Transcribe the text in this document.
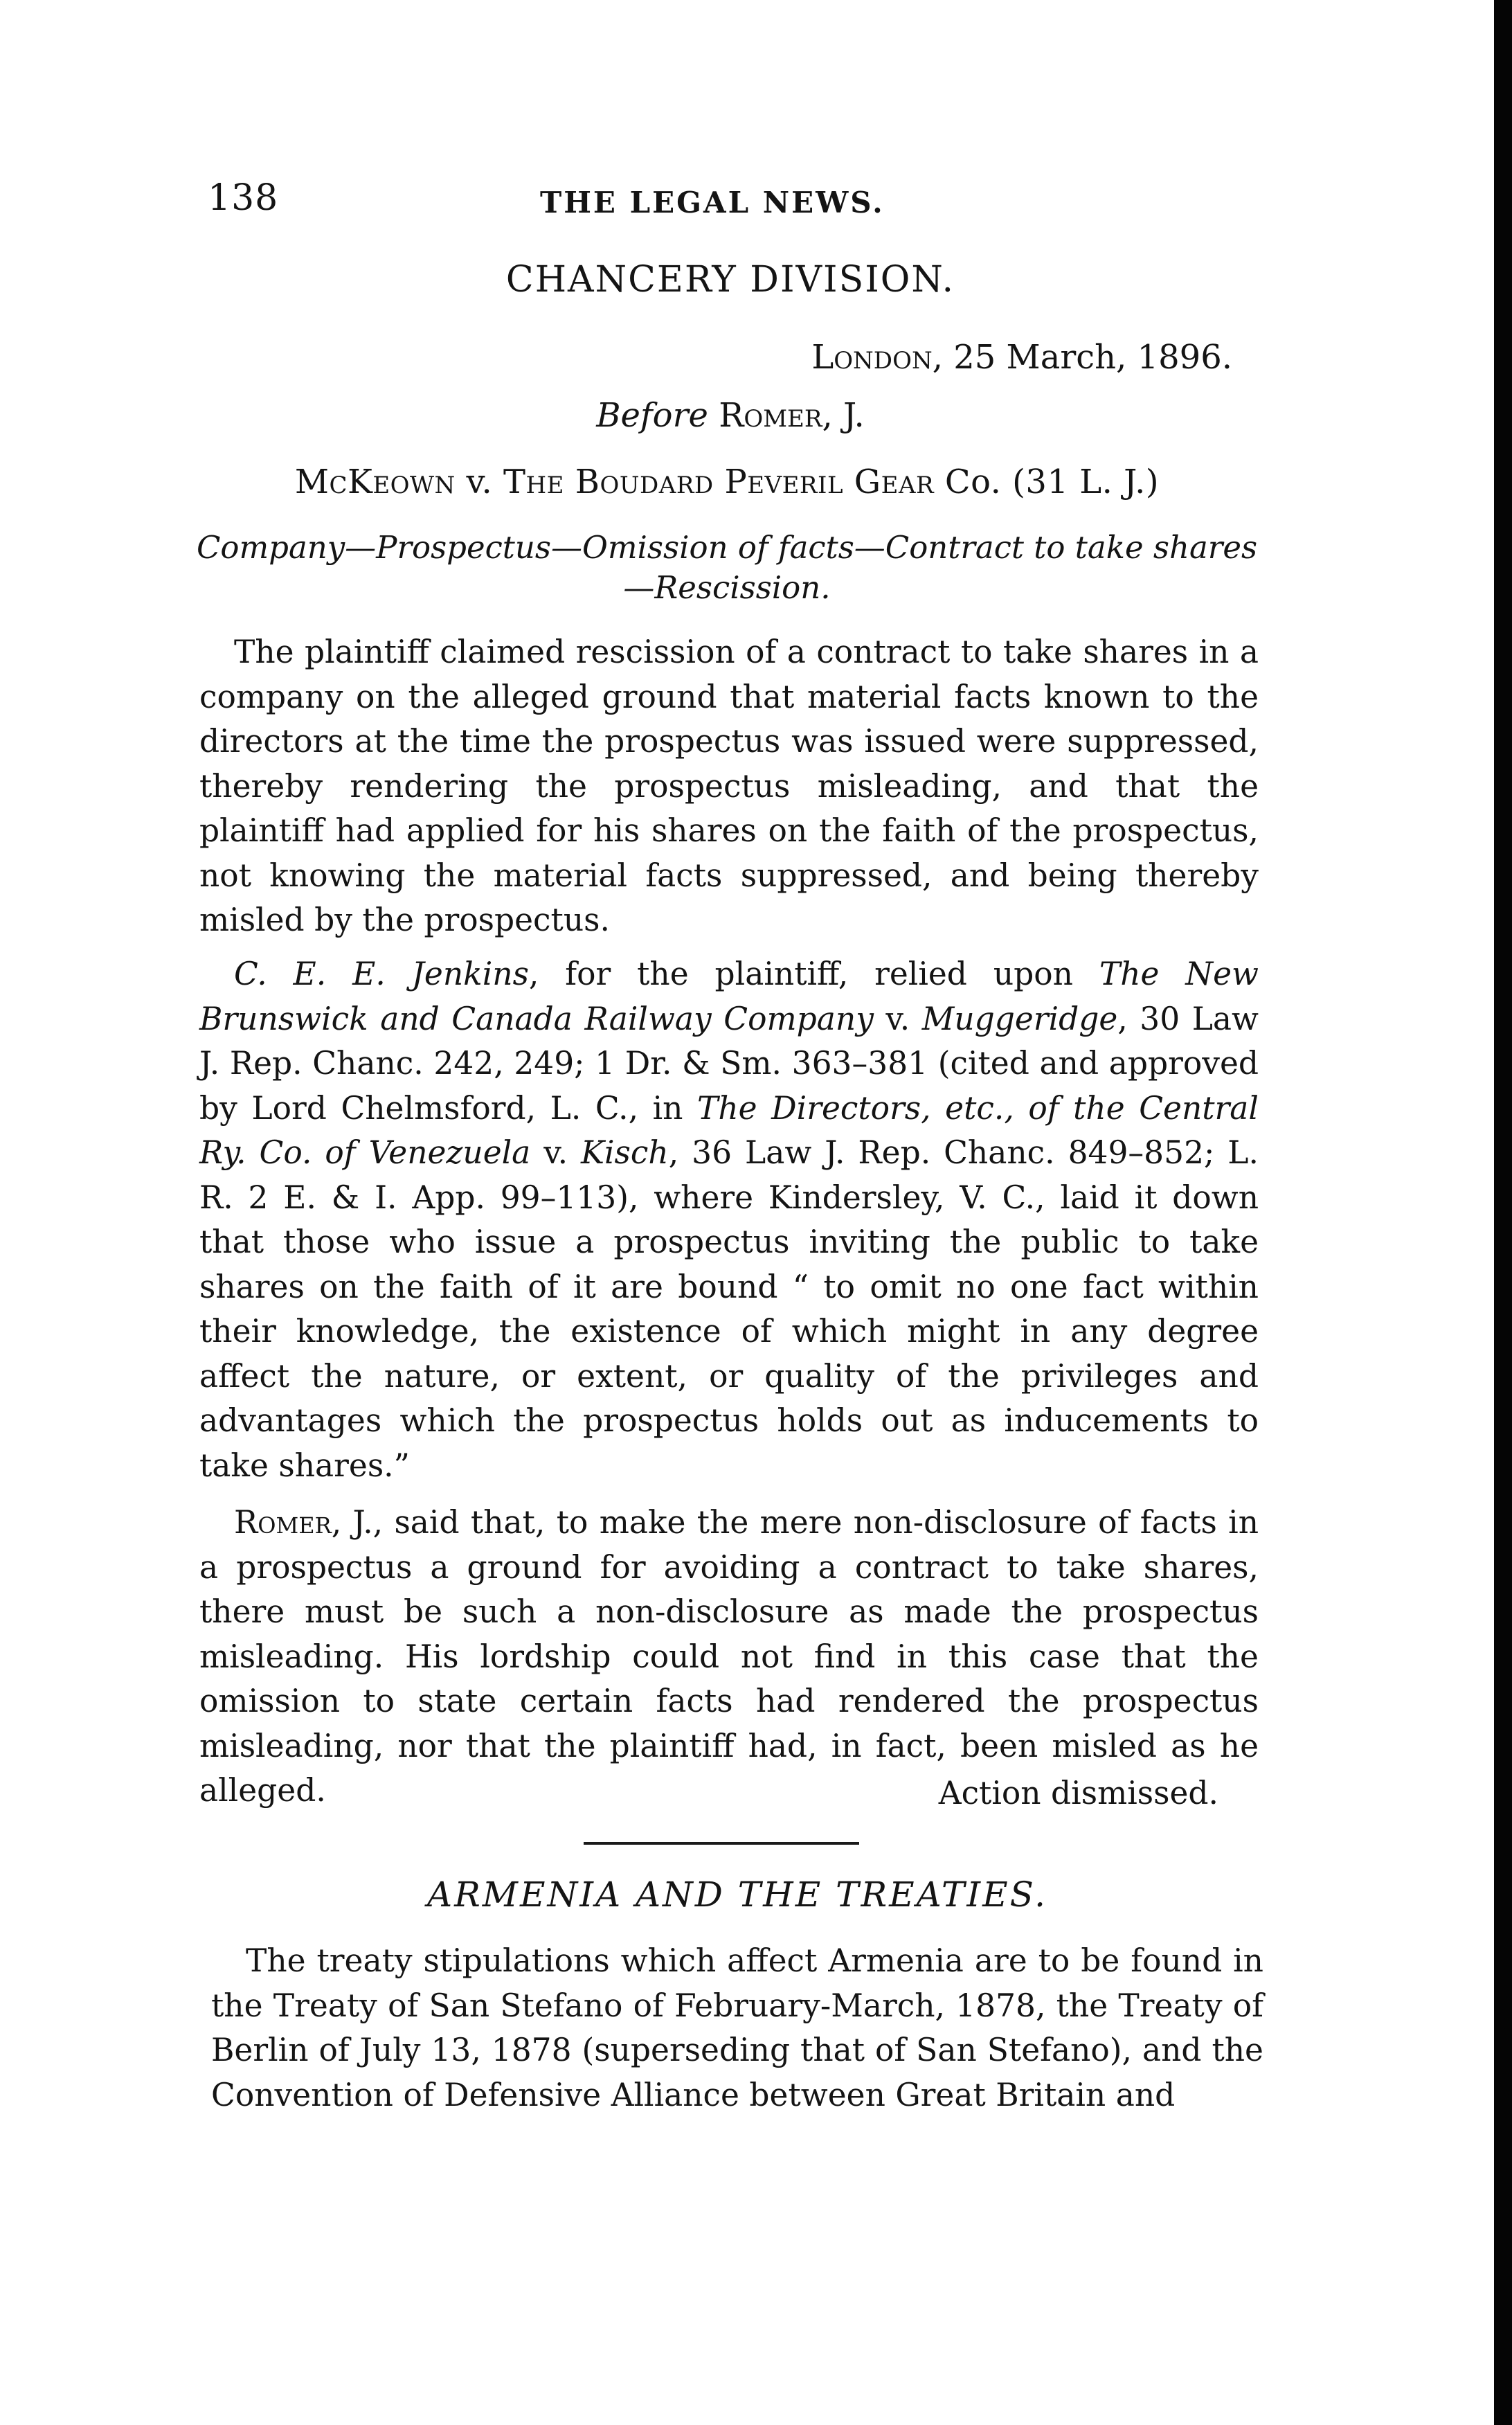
138	THE LEGAL NEWS.
CHANCERY DIVISION.
London, 25 March, 1896.
Before Romer, J.
McKeown v. The Boudard Peveril Gear Co. (31 L. J.)
Company—Prospectus—Omission of facts—Contract to take shares
—Rescission.

The plaintiff claimed rescission of a contract to take shares in a company on the alleged ground that material facts known to the directors at the time the prospectus was issued were suppressed, thereby rendering the prospectus misleading, and that the plaintiff had applied for his shares on the faith of the prospectus, not knowing the material facts suppressed, and being thereby misled by the prospectus.

C. E. E. Jenkins, for the plaintiff, relied upon The New Brunswick and Canada Railway Company v. Muggeridge, 30 Law J. Rep. Chanc. 242, 249; 1 Dr. & Sm. 363–381 (cited and approved by Lord Chelmsford, L. C., in The Directors, etc., of the Central Ry. Co. of Venezuela v. Kisch, 36 Law J. Rep. Chanc. 849–852; L. R. 2 E. & I. App. 99–113), where Kindersley, V. C., laid it down that those who issue a prospectus inviting the public to take shares on the faith of it are bound “ to omit no one fact within their knowledge, the existence of which might in any degree affect the nature, or extent, or quality of the privileges and advantages which the prospectus holds out as inducements to take shares.”

Romer, J., said that, to make the mere non-disclosure of facts in a prospectus a ground for avoiding a contract to take shares, there must be such a non-disclosure as made the prospectus misleading. His lordship could not find in this case that the omission to state certain facts had rendered the prospectus misleading, nor that the plaintiff had, in fact, been misled as he alleged.	Action dismissed.
ARMENIA AND THE TREATIES.

The treaty stipulations which affect Armenia are to be found in the Treaty of San Stefano of February-March, 1878, the Treaty of Berlin of July 13, 1878 (superseding that of San Stefano), and the Convention of Defensive Alliance between Great Britain and
